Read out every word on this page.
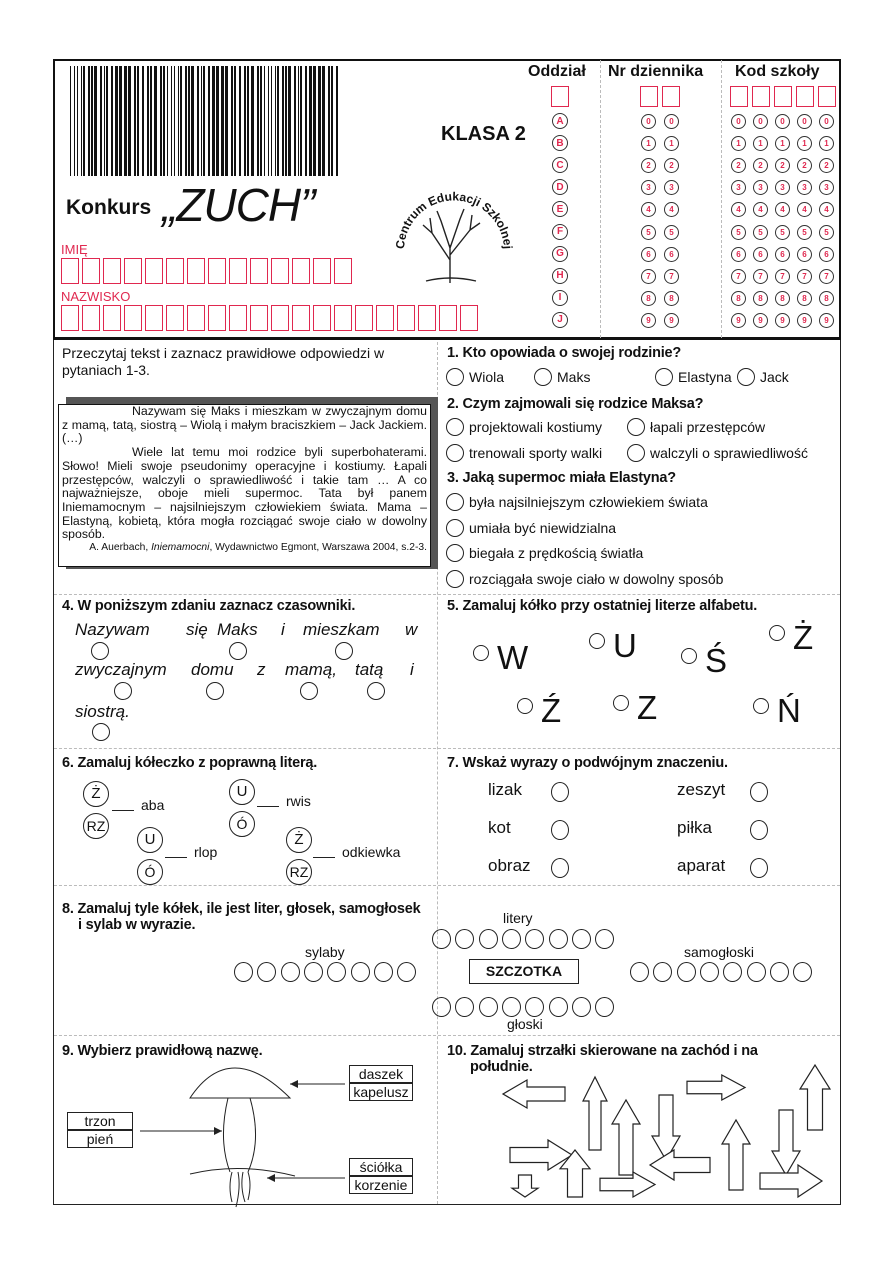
Konkurs „ZUCH”
IMIĘ
NAZWISKO
KLASA 2
Centrum Edukacji Szkolnej
Oddział Nr dziennika Kod szkoły
A	0	0	0	0	0	0	0
B	1	1	1	1	1	1	1
C	2	2	2	2	2	2	2
D	3	3	3	3	3	3	3
E	4	4	4	4	4	4	4
F	5	5	5	5	5	5	5
G	6	6	6	6	6	6	6
H	7	7	7	7	7	7	7
I	8	8	8	8	8	8	8
J	9	9	9	9	9	9	9
Przeczytaj tekst i zaznacz prawidłowe odpowiedzi w pytaniach 1-3.
Nazywam się Maks i mieszkam w zwyczajnym domu z mamą, tatą, siostrą – Wiolą i małym braciszkiem – Jack Jackiem. (…)
Wiele lat temu moi rodzice byli superbohaterami. Słowo! Mieli swoje pseudonimy operacyjne i kostiumy. Łapali przestępców, walczyli o sprawiedliwość i takie tam … A co najważniejsze, oboje mieli supermoc. Tata był panem Iniemamocnym – najsilniejszym człowiekiem świata. Mama – Elastyną, kobietą, która mogła rozciągać swoje ciało w dowolny sposób.
A. Auerbach, Iniemamocni, Wydawnictwo Egmont, Warszawa 2004, s.2-3.
1. Kto opowiada o swojej rodzinie?
2. Czym zajmowali się rodzice Maksa?
3. Jaką supermoc miała Elastyna?
Wiola	Maks	Elastyna Jack
projektowali kostiumy	łapali przestępców
trenowali sporty walki	walczyli o sprawiedliwość
była najsilniejszym człowiekiem świata
umiała być niewidzialna
biegała z prędkością światła
rozciągała swoje ciało w dowolny sposób
4. W poniższym zdaniu zaznacz czasowniki.
Nazywam się Maks i mieszkam w
zwyczajnym domu z mamą, tatą i
siostrą.
5. Zamaluj kółko przy ostatniej literze alfabetu.
W	U Ś
Ż
Ź Z	Ń
6. Zamaluj kółeczko z poprawną literą.
Ż
RZ
aba
U
Ó
rwis
U
Ó
rlop
Ż
RZ
odkiewka
7. Wskaż wyrazy o podwójnym znaczeniu.
lizak
kot
obraz
zeszyt
piłka
aparat
8. Zamaluj tyle kółek, ile jest liter, głosek, samogłosek
i sylab w wyrazie.	litery
sylaby	samogłoski
głoski
SZCZOTKA
9. Wybierz prawidłową nazwę.
daszek
kapelusz
trzon
pień
ściółka
korzenie
10. Zamaluj strzałki skierowane na zachód i na
południe.
